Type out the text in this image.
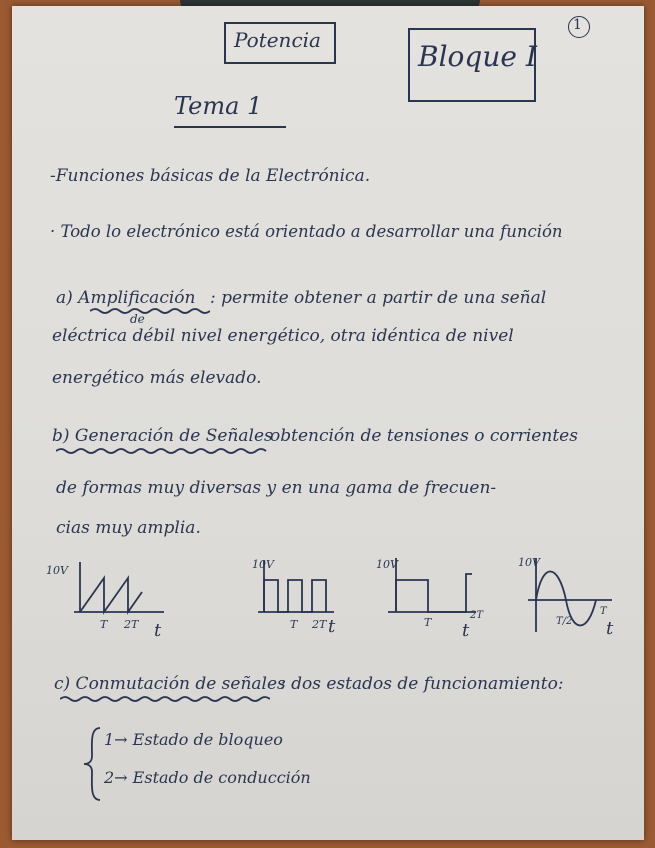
Potencia	Bloque I
1
Tema 1
-Funciones básicas de la Electrónica.
· Todo lo electrónico está orientado a desarrollar una función
a) Amplificación : permite obtener a partir de una señal
de
eléctrica débil nivel energético, otra idéntica de nivel
energético más elevado.
b) Generación de Señales
obtención de tensiones o corrientes
de formas muy diversas y en una gama de frecuen-
cias muy amplia.
10V
T 2T t
10V
T 2T t
10V
T
2T
t
10V
T/2
T
t
c) Conmutación de señales
: dos estados de funcionamiento:
1→ Estado de bloqueo
2→ Estado de conducción
